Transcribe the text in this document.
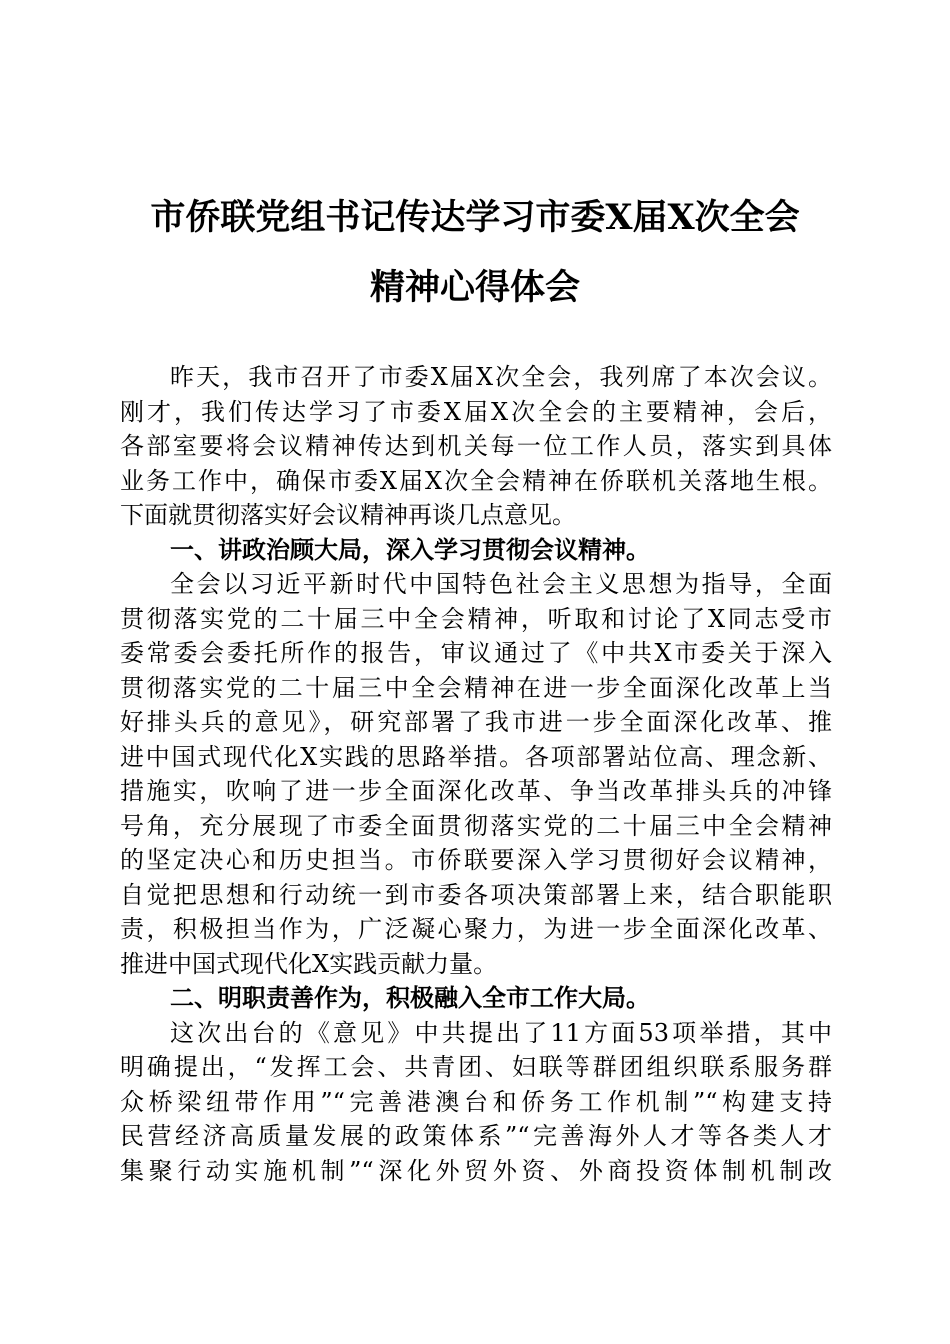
市侨联党组书记传达学习市委X届X次全会
精神心得体会
昨天，我市召开了市委X届X次全会，我列席了本次会议。
刚才，我们传达学习了市委X届X次全会的主要精神，会后，
各部室要将会议精神传达到机关每一位工作人员，落实到具体
业务工作中，确保市委X届X次全会精神在侨联机关落地生根。
下面就贯彻落实好会议精神再谈几点意见。
一、讲政治顾大局，深入学习贯彻会议精神。
全会以习近平新时代中国特色社会主义思想为指导，全面
贯彻落实党的二十届三中全会精神，听取和讨论了X同志受市
委常委会委托所作的报告，审议通过了《中共X市委关于深入
贯彻落实党的二十届三中全会精神在进一步全面深化改革上当
好排头兵的意见》，研究部署了我市进一步全面深化改革、推
进中国式现代化X实践的思路举措。各项部署站位高、理念新、
措施实，吹响了进一步全面深化改革、争当改革排头兵的冲锋
号角，充分展现了市委全面贯彻落实党的二十届三中全会精神
的坚定决心和历史担当。市侨联要深入学习贯彻好会议精神，
自觉把思想和行动统一到市委各项决策部署上来，结合职能职
责，积极担当作为，广泛凝心聚力，为进一步全面深化改革、
推进中国式现代化X实践贡献力量。
二、明职责善作为，积极融入全市工作大局。
这次出台的《意见》中共提出了11方面53项举措，其中
明确提出，“发挥工会、共青团、妇联等群团组织联系服务群
众桥梁纽带作用”“完善港澳台和侨务工作机制”“构建支持
民营经济高质量发展的政策体系”“完善海外人才等各类人才
集聚行动实施机制”“深化外贸外资、外商投资体制机制改
